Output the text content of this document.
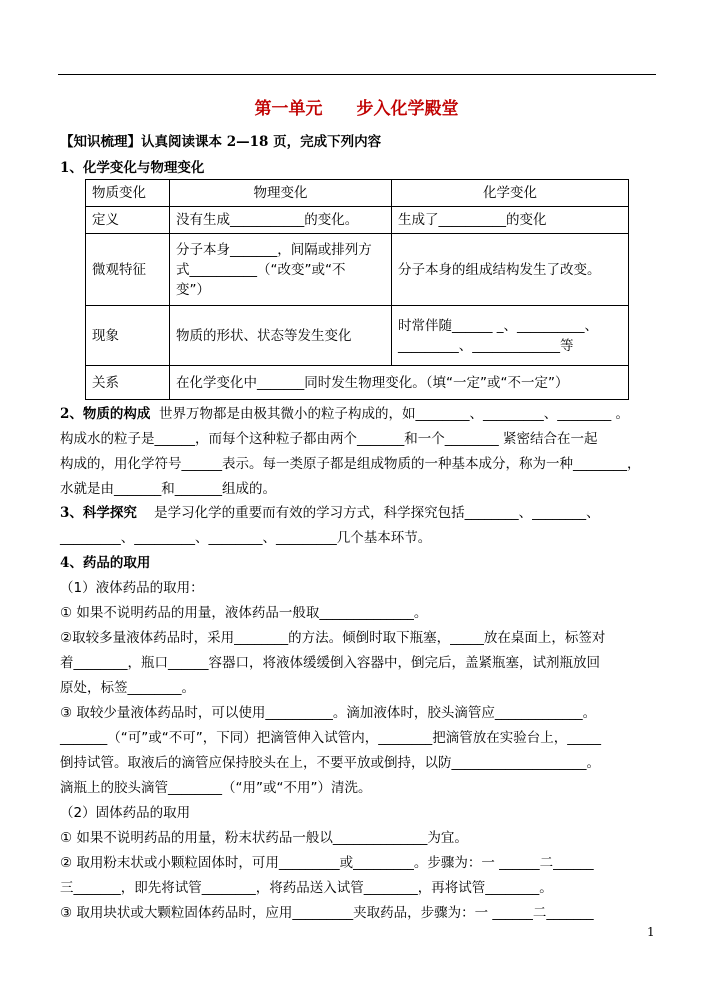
第一单元 步入化学殿堂
【知识梳理】认真阅读课本 2—18 页，完成下列内容
1、化学变化与物理变化
物质变化	物理变化	化学变化
定义	没有生成___________的变化。	生成了__________的变化
微观特征	分子本身_______，间隔或排列方
式__________（“改变”或“不
变”）	分子本身的组成结构发生了改变。
现象	物质的形状、状态等发生变化	时常伴随______ _、__________、
_________、_____________等

关系	在化学变化中_______同时发生物理变化。（填“一定”或“不一定”）	
2、物质的构成 世界万物都是由极其微小的粒子构成的，如________、_________、________ 。
构成水的粒子是______，而每个这种粒子都由两个_______和一个________ 紧密结合在一起
构成的，用化学符号______表示。每一类原子都是组成物质的一种基本成分，称为一种________，
水就是由_______和_______组成的。
3、科学探究 是学习化学的重要而有效的学习方式，科学探究包括________、________、
_________、_________、________、_________几个基本环节。
4、药品的取用
（1）液体药品的取用：
① 如果不说明药品的用量，液体药品一般取______________。
②取较多量液体药品时，采用________的方法。倾倒时取下瓶塞，_____放在桌面上，标签对
着________，瓶口______容器口，将液体缓缓倒入容器中，倒完后，盖紧瓶塞，试剂瓶放回
原处，标签________。
③ 取较少量液体药品时，可以使用__________。滴加液体时，胶头滴管应_____________。
_______（“可”或“不可”，下同）把滴管伸入试管内，________把滴管放在实验台上，_____
倒持试管。取液后的滴管应保持胶头在上，不要平放或倒持，以防____________________。
滴瓶上的胶头滴管________（“用”或“不用”）清洗。
（2）固体药品的取用
① 如果不说明药品的用量，粉末状药品一般以______________为宜。
② 取用粉末状或小颗粒固体时，可用_________或_________。步骤为：一 ______二______
三_______，即先将试管________，将药品送入试管________，再将试管________。
③ 取用块状或大颗粒固体药品时，应用_________夹取药品，步骤为：一 ______二_______
1
